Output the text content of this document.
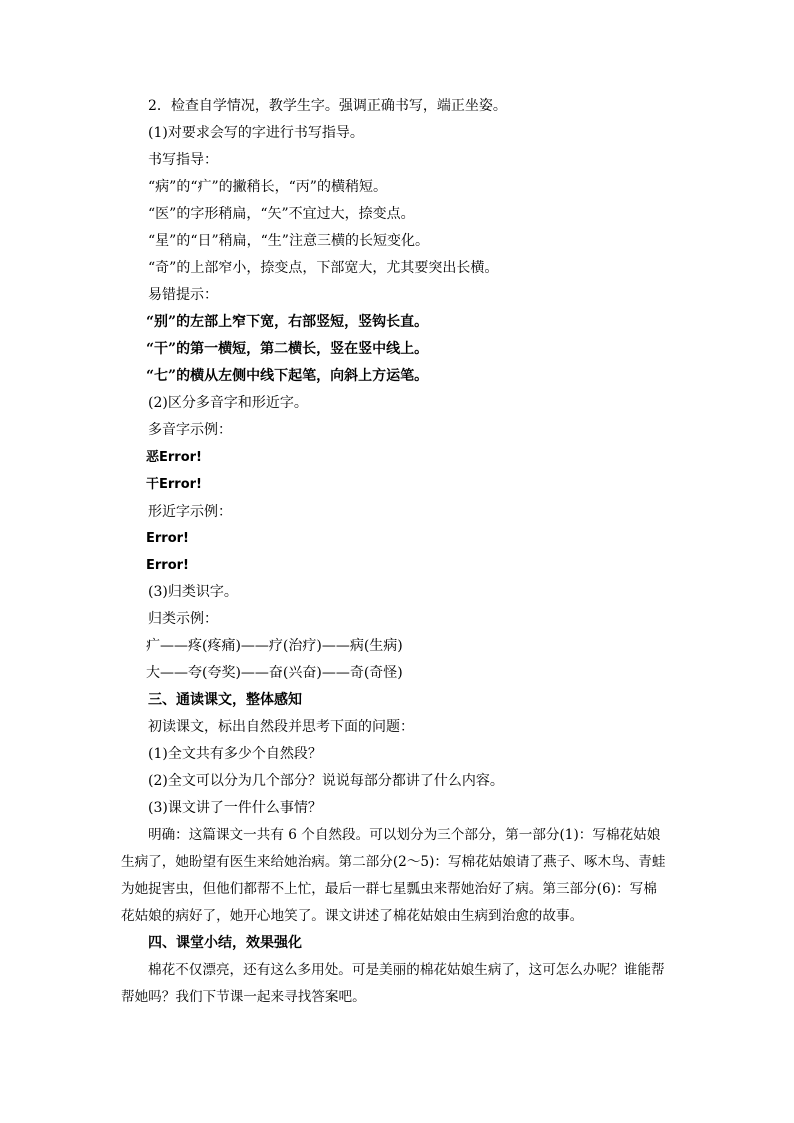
2．检查自学情况，教学生字。强调正确书写，端正坐姿。
(1)对要求会写的字进行书写指导。
书写指导：
“病”的“疒”的撇稍长，“丙”的横稍短。
“医”的字形稍扁，“矢”不宜过大，捺变点。
“星”的“日”稍扁，“生”注意三横的长短变化。
“奇”的上部窄小，捺变点，下部宽大，尤其要突出长横。
易错提示：
“别”的左部上窄下宽，右部竖短，竖钩长直。
“干”的第一横短，第二横长，竖在竖中线上。
“七”的横从左侧中线下起笔，向斜上方运笔。
(2)区分多音字和形近字。
多音字示例：
恶Error!
干Error!
形近字示例：
Error!
Error!
(3)归类识字。
归类示例：
疒——疼(疼痛)——疗(治疗)——病(生病)
大——夸(夸奖)——奋(兴奋)——奇(奇怪)
三、通读课文，整体感知
初读课文，标出自然段并思考下面的问题：
(1)全文共有多少个自然段？
(2)全文可以分为几个部分？说说每部分都讲了什么内容。
(3)课文讲了一件什么事情？
明确：这篇课文一共有 6 个自然段。可以划分为三个部分，第一部分(1)：写棉花姑娘
生病了，她盼望有医生来给她治病。第二部分(2～5)：写棉花姑娘请了燕子、啄木鸟、青蛙
为她捉害虫，但他们都帮不上忙，最后一群七星瓢虫来帮她治好了病。第三部分(6)：写棉
花姑娘的病好了，她开心地笑了。课文讲述了棉花姑娘由生病到治愈的故事。
四、课堂小结，效果强化
棉花不仅漂亮，还有这么多用处。可是美丽的棉花姑娘生病了，这可怎么办呢？谁能帮
帮她吗？我们下节课一起来寻找答案吧。
